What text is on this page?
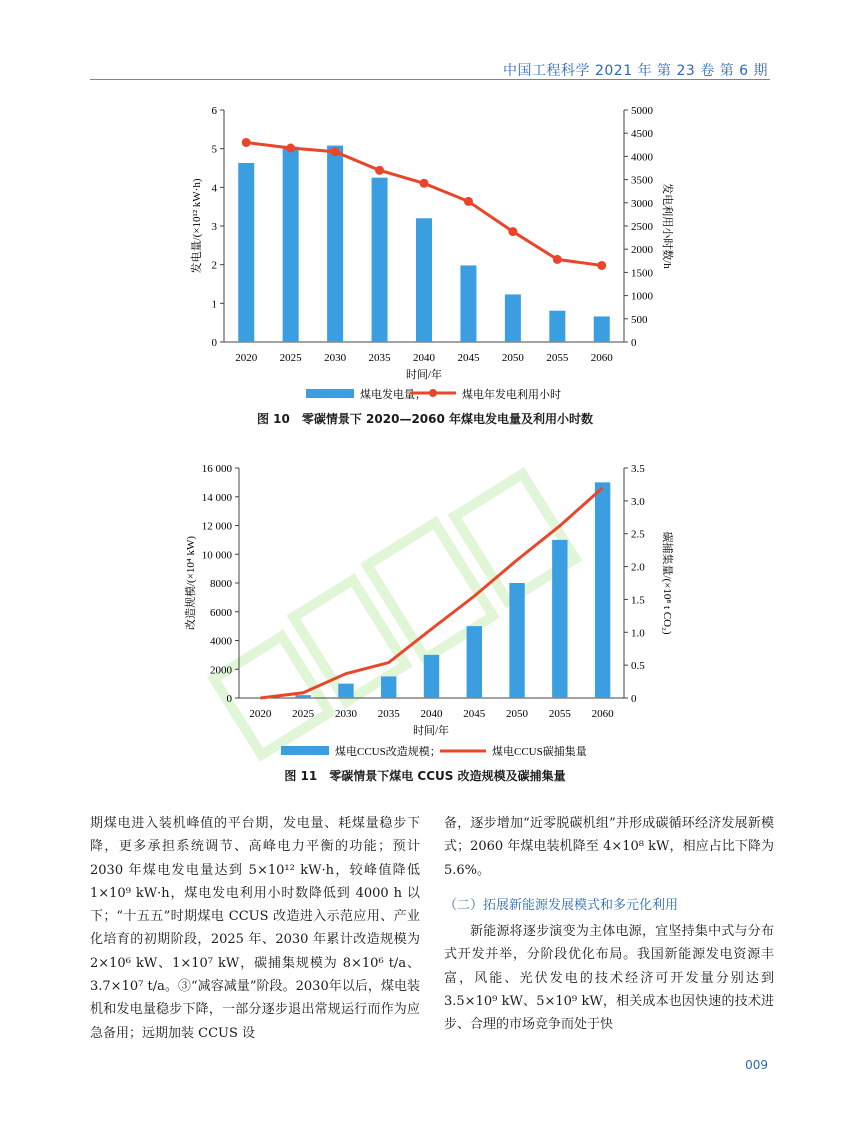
中国工程科学 2021 年 第 23 卷 第 6 期
0
1
2
3
4
5
6
0
500
1000
1500
2000
2500
3000
3500
4000
4500
5000
2020 2025 2030 2035 2040 2045 2050 2055 2060
时间/年
发电量/(×10¹² kW·h)	发电利用小时数/h
煤电发电量；	煤电年发电利用小时
图 10　零碳情景下 2020—2060 年煤电发电量及利用小时数
0
2000
4000
6000
8000
10 000
12 000
14 000
16 000
0
0.5
1.0
1.5
2.0
2.5
3.0
3.5
2020 2025 2030 2035 2040 2045 2050 2055 2060
时间/年
改造规模/(×10⁴ kW)	碳捕集量/(×10⁸ t CO₂)
煤电CCUS改造规模；	煤电CCUS碳捕集量
图 11　零碳情景下煤电 CCUS 改造规模及碳捕集量

期煤电进入装机峰值的平台期，发电量、耗煤量稳步下降，更多承担系统调节、高峰电力平衡的功能；预计 2030 年煤电发电量达到 5×10¹² kW·h，较峰值降低 1×10⁹ kW·h，煤电发电利用小时数降低到 4000 h 以下；“十五五”时期煤电 CCUS 改造进入示范应用、产业化培育的初期阶段，2025 年、2030 年累计改造规模为 2×10⁶ kW、1×10⁷ kW，碳捕集规模为 8×10⁶ t/a、3.7×10⁷ t/a。③“减容减量”阶段。2030年以后，煤电装机和发电量稳步下降，一部分逐步退出常规运行而作为应急备用；远期加装 CCUS 设

备，逐步增加“近零脱碳机组”并形成碳循环经济发展新模式；2060 年煤电装机降至 4×10⁸ kW，相应占比下降为 5.6%。

（二）拓展新能源发展模式和多元化利用

新能源将逐步演变为主体电源，宜坚持集中式与分布式开发并举，分阶段优化布局。我国新能源发电资源丰富，风能、光伏发电的技术经济可开发量分别达到 3.5×10⁹ kW、5×10⁹ kW，相关成本也因快速的技术进步、合理的市场竞争而处于快

009
